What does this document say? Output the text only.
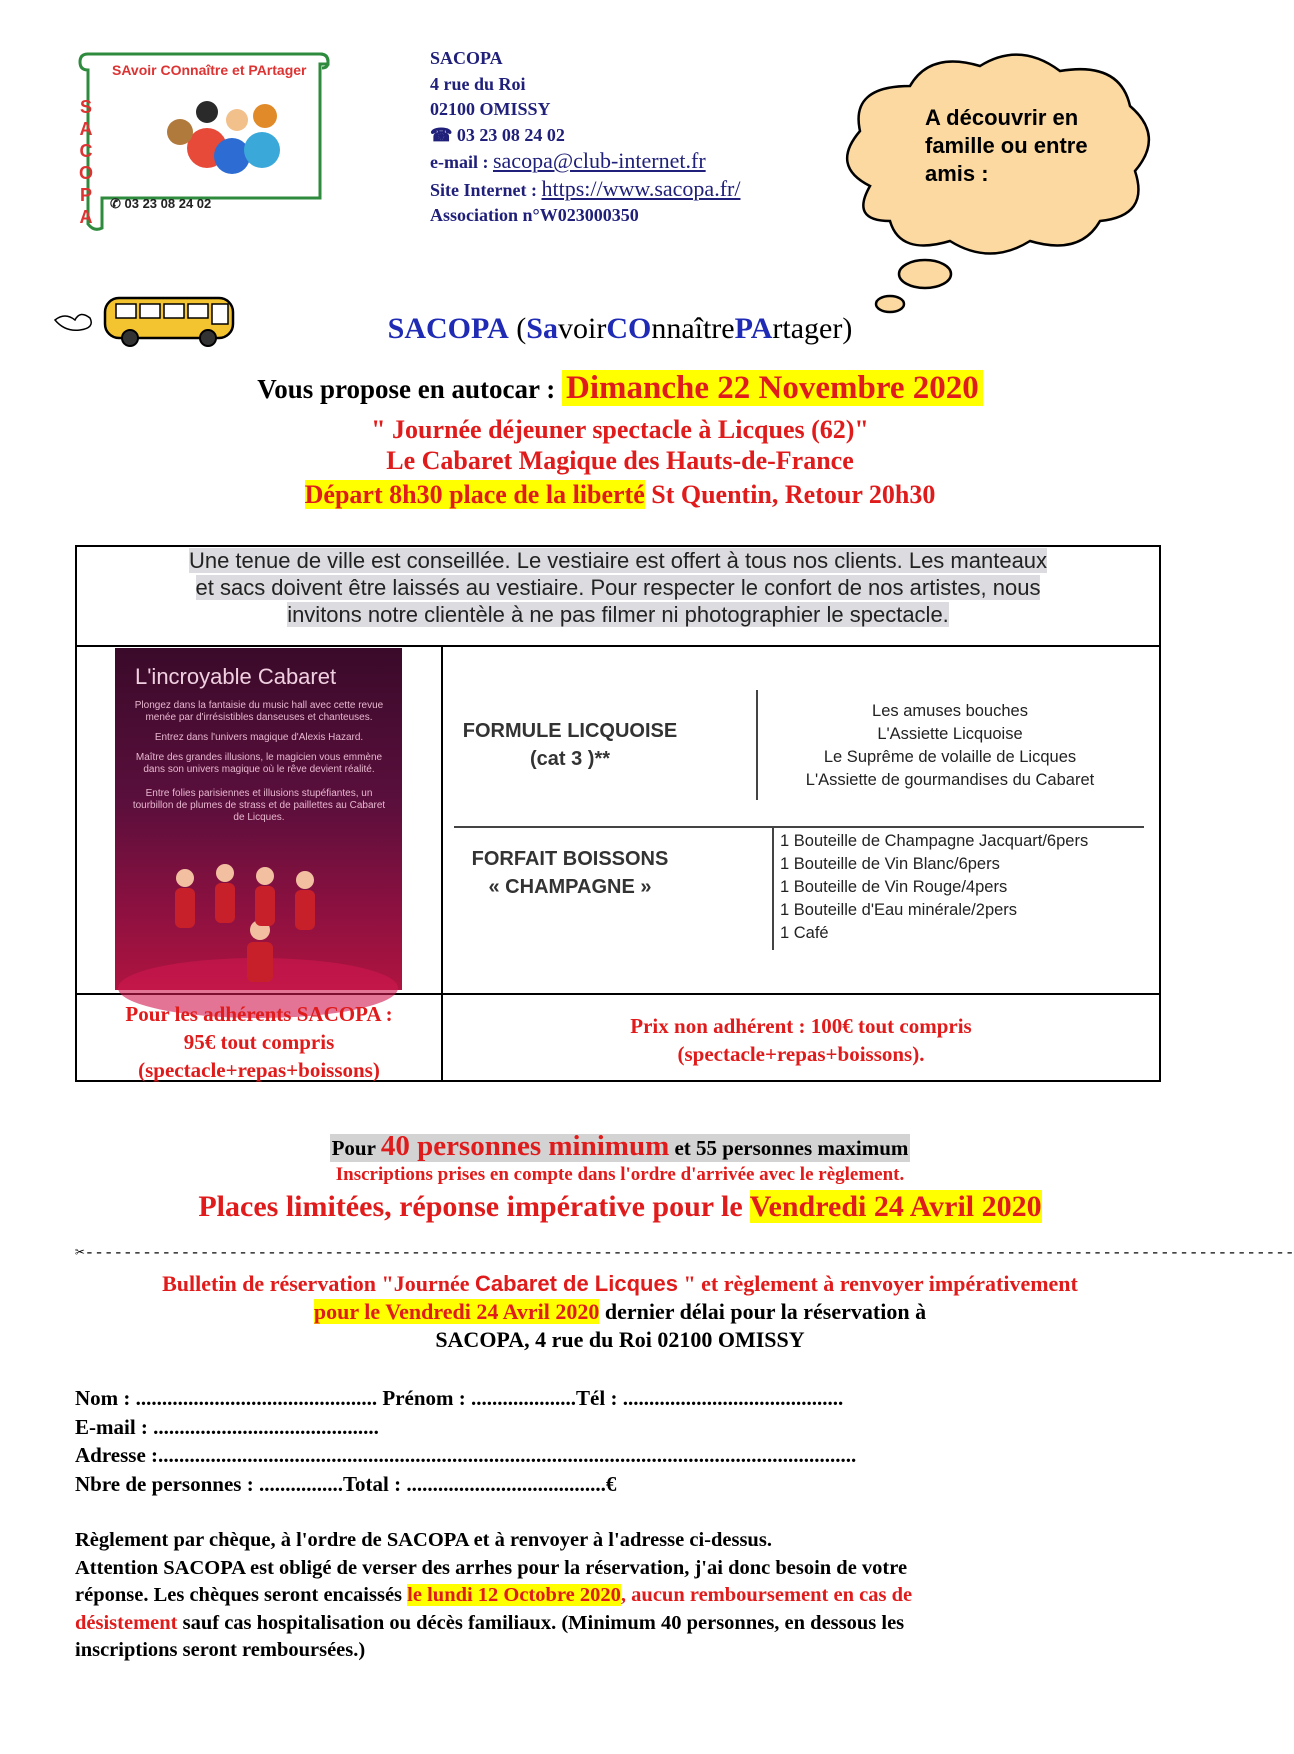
SAvoir COnnaître et PArtager
SACOPA
✆ 03 23 08 24 02
SACOPA
4 rue du Roi
02100 OMISSY
☎ 03 23 08 24 02
e-mail : sacopa@club-internet.fr
Site Internet : https://www.sacopa.fr/
Association n°W023000350
A découvrir en famille ou entre amis :
SACOPA (SavoirCOnnaîtrePArtager)
Vous propose en autocar : Dimanche 22 Novembre 2020
" Journée déjeuner spectacle à Licques (62)"
Le Cabaret Magique des Hauts-de-France
Départ 8h30 place de la liberté St Quentin, Retour 20h30
Une tenue de ville est conseillée. Le vestiaire est offert à tous nos clients. Les manteaux et sacs doivent être laissés au vestiaire. Pour respecter le confort de nos artistes, nous invitons notre clientèle à ne pas filmer ni photographier le spectacle.
L'incroyable Cabaret
Plongez dans la fantaisie du music hall avec cette revue menée par d'irrésistibles danseuses et chanteuses.
Entrez dans l'univers magique d'Alexis Hazard.
Maître des grandes illusions, le magicien vous emmène dans son univers magique où le rêve devient réalité.
Entre folies parisiennes et illusions stupéfiantes, un tourbillon de plumes de strass et de paillettes au Cabaret de Licques.
FORMULE LICQUOISE
(cat 3 )**
Les amuses bouches
L'Assiette Licquoise
Le Suprême de volaille de Licques
L'Assiette de gourmandises du Cabaret
FORFAIT BOISSONS
« CHAMPAGNE »
1 Bouteille de Champagne Jacquart/6pers
1 Bouteille de Vin Blanc/6pers
1 Bouteille de Vin Rouge/4pers
1 Bouteille d'Eau minérale/2pers
1 Café
Pour les adhérents SACOPA :
95€ tout compris
(spectacle+repas+boissons)
Prix non adhérent : 100€ tout compris
(spectacle+repas+boissons).
Pour 40 personnes minimum et 55 personnes maximum
Inscriptions prises en compte dans l'ordre d'arrivée avec le règlement.
Places limitées, réponse impérative pour le Vendredi 24 Avril 2020
✂------------------------------------------------------------------------------------------------------------------------------
Bulletin de réservation "Journée Cabaret de Licques " et règlement à renvoyer impérativement
pour le Vendredi 24 Avril 2020 dernier délai pour la réservation à
SACOPA, 4 rue du Roi 02100 OMISSY
Nom : .............................................. Prénom : ....................Tél : ..........................................
E-mail : ...........................................
Adresse :.....................................................................................................................................
Nbre de personnes : ................Total : ......................................€
Règlement par chèque, à l'ordre de SACOPA et à renvoyer à l'adresse ci-dessus.
Attention SACOPA est obligé de verser des arrhes pour la réservation, j'ai donc besoin de votre
réponse. Les chèques seront encaissés le lundi 12 Octobre 2020, aucun remboursement en cas de
désistement sauf cas hospitalisation ou décès familiaux. (Minimum 40 personnes, en dessous les
inscriptions seront remboursées.)
